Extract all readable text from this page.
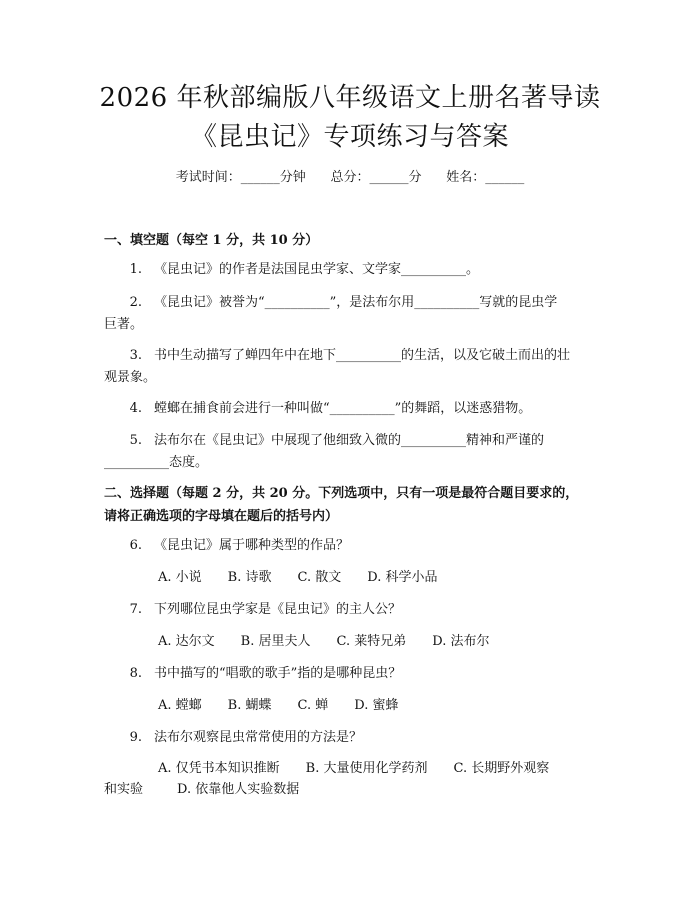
2026 年秋部编版八年级语文上册名著导读
《昆虫记》专项练习与答案
考试时间：______分钟      总分：______分      姓名：______
一、填空题（每空 1 分，共 10 分）
1. 《昆虫记》的作者是法国昆虫学家、文学家__________。
2. 《昆虫记》被誉为“__________”，是法布尔用__________写就的昆虫学
巨著。
3. 书中生动描写了蝉四年中在地下__________的生活，以及它破土而出的壮
观景象。
4. 螳螂在捕食前会进行一种叫做“__________”的舞蹈，以迷惑猎物。
5. 法布尔在《昆虫记》中展现了他细致入微的__________精神和严谨的
__________态度。
二、选择题（每题 2 分，共 20 分。下列选项中，只有一项是最符合题目要求的，
请将正确选项的字母填在题后的括号内）
6. 《昆虫记》属于哪种类型的作品？
A. 小说 B. 诗歌 C. 散文 D. 科学小品
7. 下列哪位昆虫学家是《昆虫记》的主人公？
A. 达尔文 B. 居里夫人 C. 莱特兄弟 D. 法布尔
8. 书中描写的“唱歌的歌手”指的是哪种昆虫？
A. 螳螂 B. 蝴蝶 C. 蝉 D. 蜜蜂
9. 法布尔观察昆虫常常使用的方法是？
A. 仅凭书本知识推断 B. 大量使用化学药剂 C. 长期野外观察
和实验	D. 依靠他人实验数据
